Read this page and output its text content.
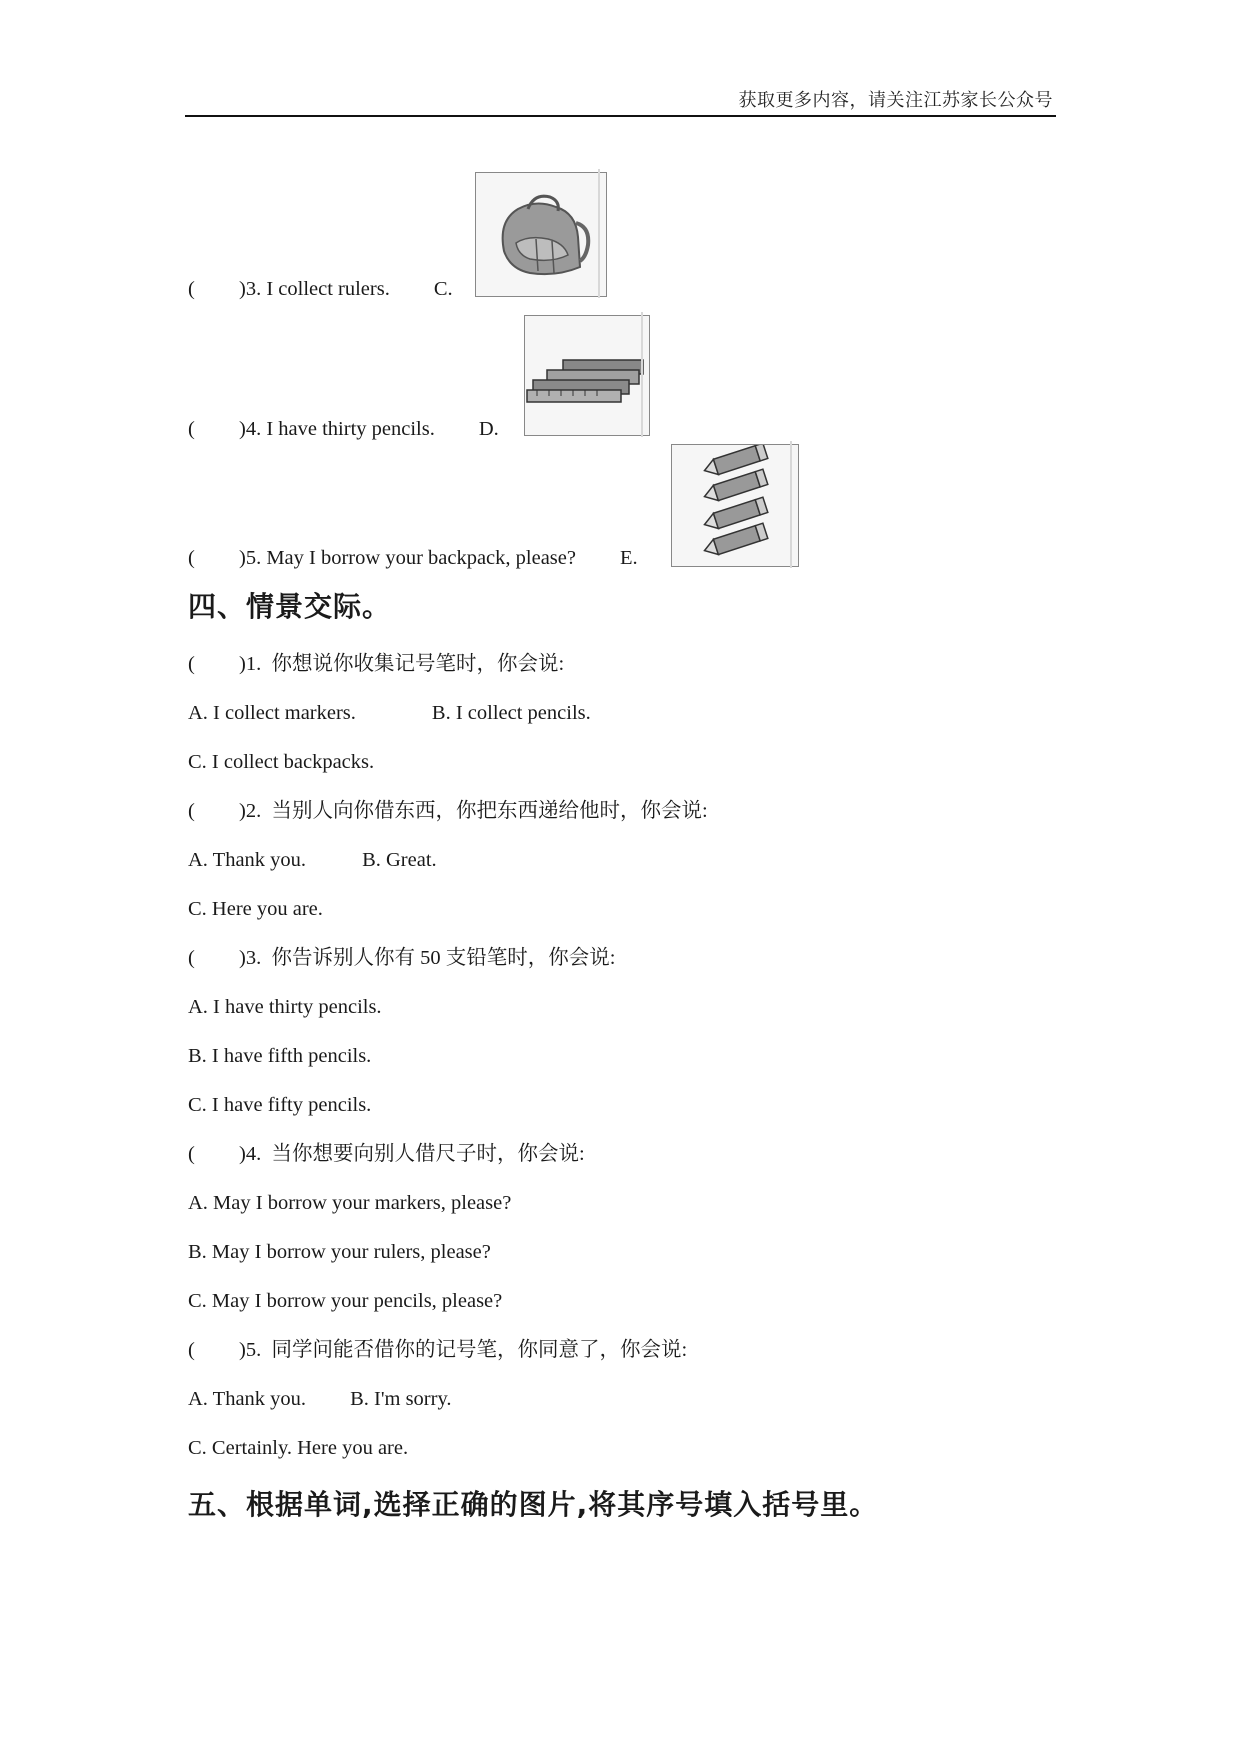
获取更多内容，请关注江苏家长公众号
( )3. I collect rulers. C.
( )4. I have thirty pencils. D.
( )5. May I borrow your backpack, please? E.
四、情景交际。
( )1.  你想说你收集记号笔时，你会说:
A. I collect markers.	B. I collect pencils.
C. I collect backpacks.
( )2.  当别人向你借东西，你把东西递给他时，你会说:
A. Thank you.	B. Great.
C. Here you are.
( )3.  你告诉别人你有 50 支铅笔时，你会说:
A. I have thirty pencils.
B. I have fifth pencils.
C. I have fifty pencils.
( )4.  当你想要向别人借尺子时，你会说:
A. May I borrow your markers, please?
B. May I borrow your rulers, please?
C. May I borrow your pencils, please?
( )5.  同学问能否借你的记号笔，你同意了，你会说:
A. Thank you. B. I'm sorry.
C. Certainly. Here you are.
五、根据单词,选择正确的图片,将其序号填入括号里。
